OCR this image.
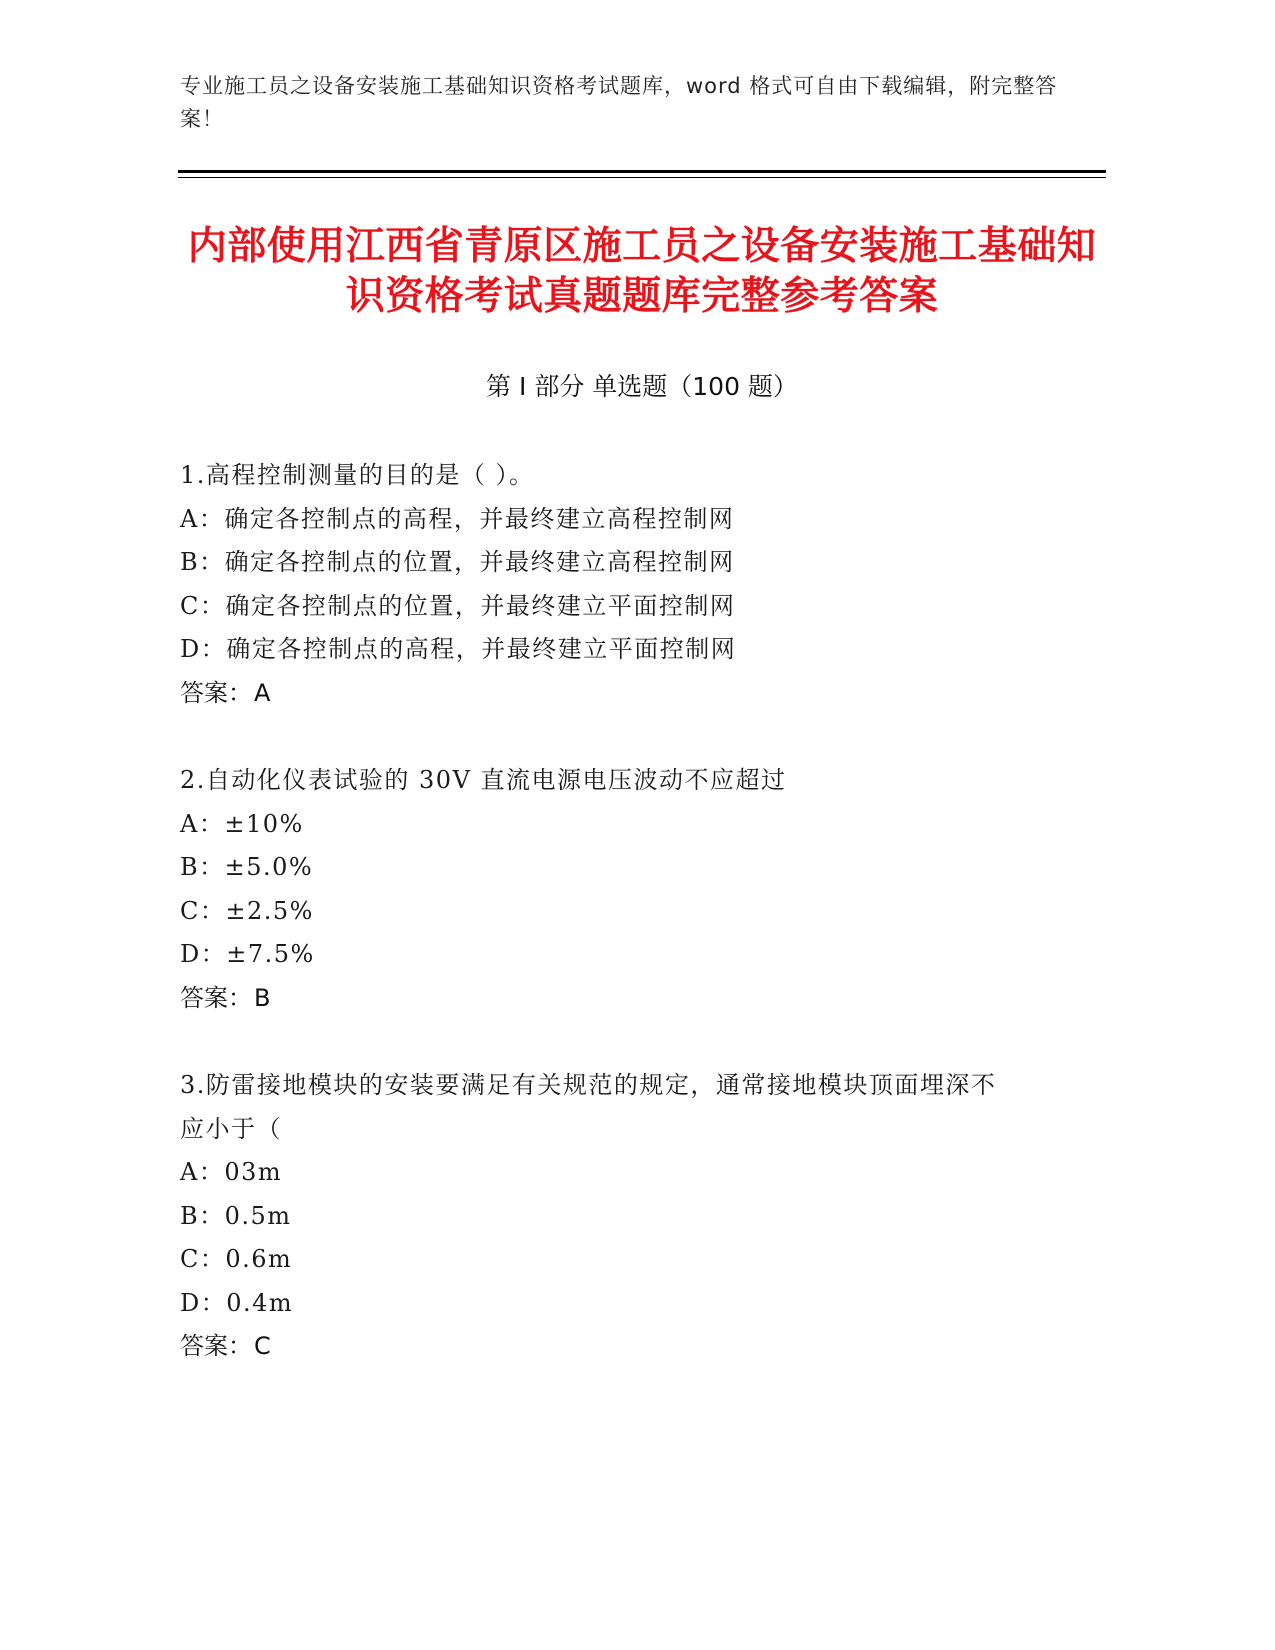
专业施工员之设备安装施工基础知识资格考试题库，word 格式可自由下载编辑，附完整答案！
内部使用江西省青原区施工员之设备安装施工基础知识资格考试真题题库完整参考答案
第 I 部分 单选题（100 题）
1.高程控制测量的目的是（ ）。
A：确定各控制点的高程，并最终建立高程控制网
B：确定各控制点的位置，并最终建立高程控制网
C：确定各控制点的位置，并最终建立平面控制网
D：确定各控制点的高程，并最终建立平面控制网
答案：A
2.自动化仪表试验的 30V 直流电源电压波动不应超过
A：±10%
B：±5.0%
C：±2.5%
D：±7.5%
答案：B
3.防雷接地模块的安装要满足有关规范的规定，通常接地模块顶面埋深不应小于（
A：03m
B：0.5m
C：0.6m
D：0.4m
答案：C
